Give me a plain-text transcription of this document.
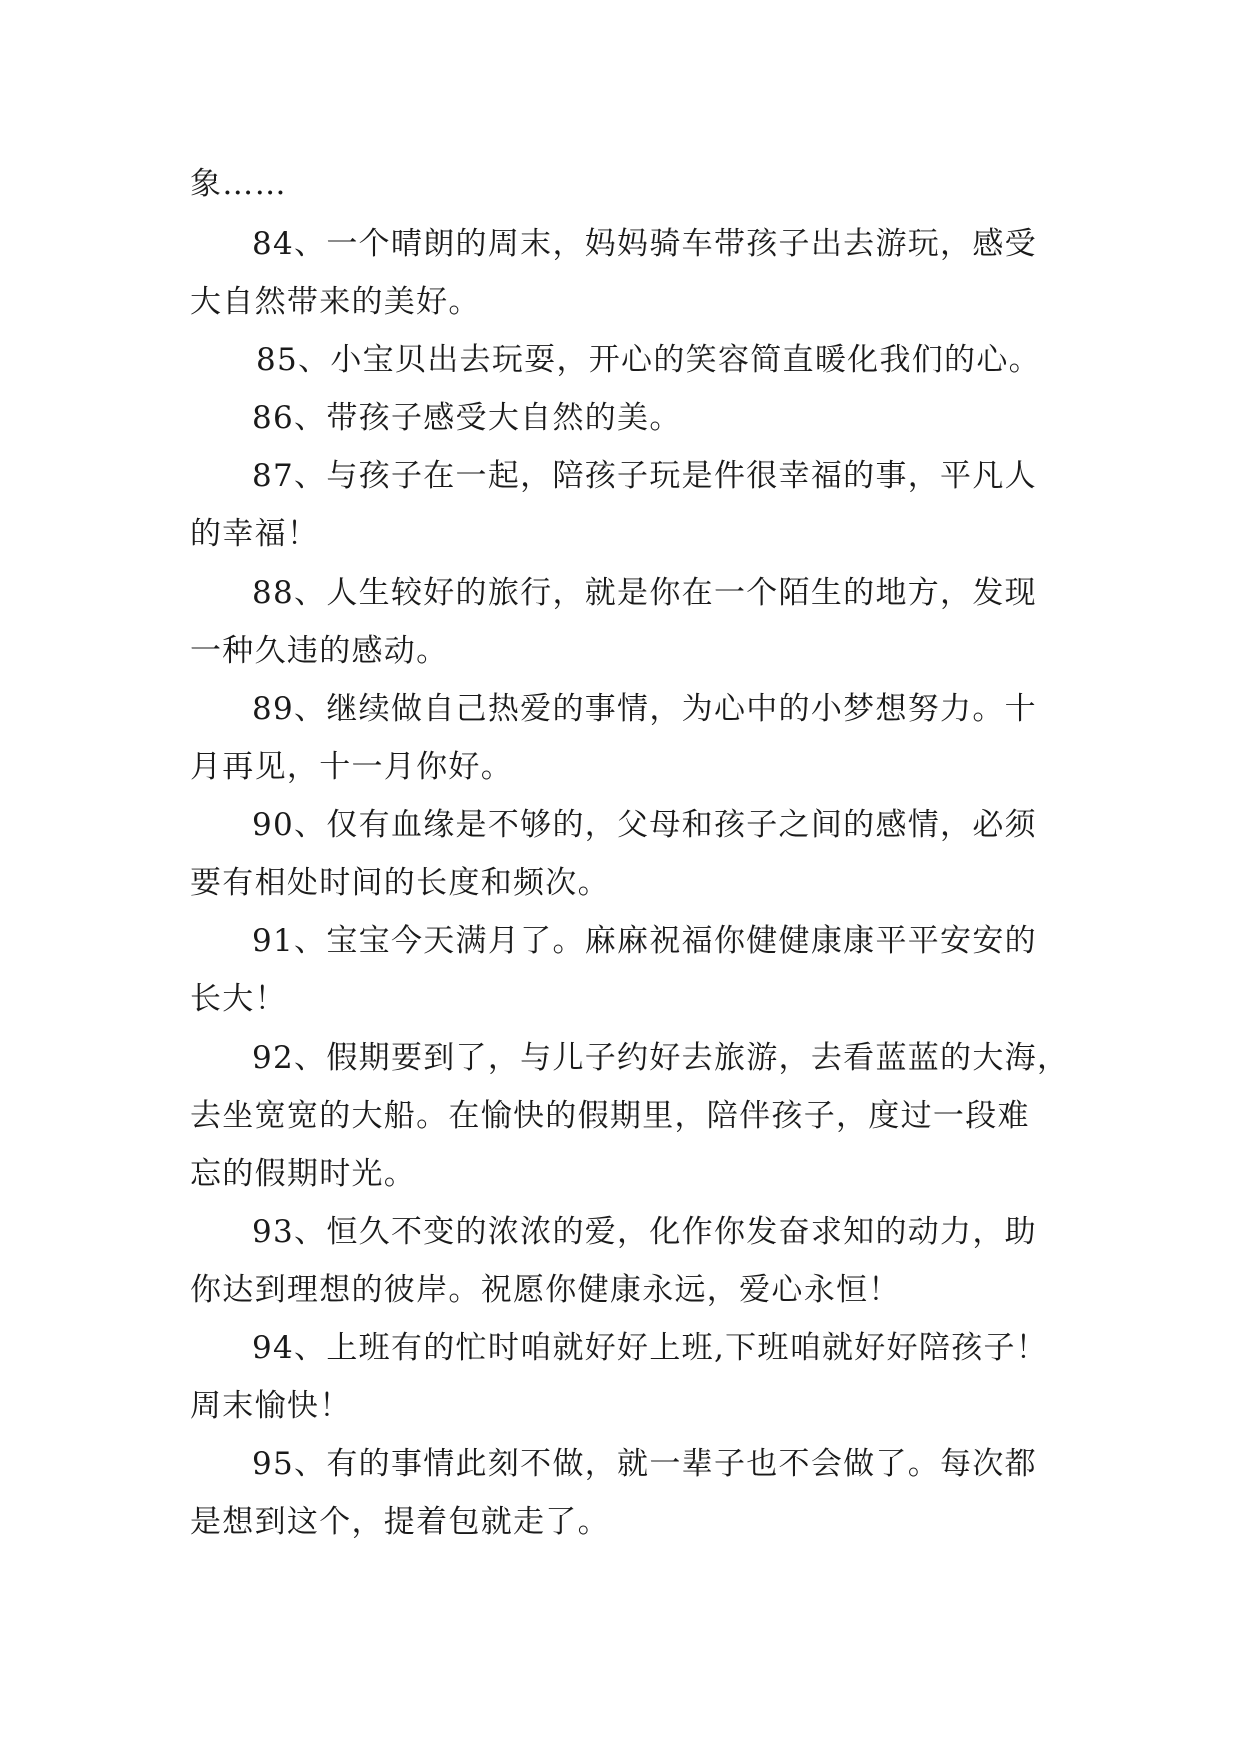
象……
84、一个晴朗的周末，妈妈骑车带孩子出去游玩，感受
大自然带来的美好。
85、小宝贝出去玩耍，开心的笑容简直暖化我们的心。
86、带孩子感受大自然的美。
87、与孩子在一起，陪孩子玩是件很幸福的事，平凡人
的幸福！
88、人生较好的旅行，就是你在一个陌生的地方，发现
一种久违的感动。
89、继续做自己热爱的事情，为心中的小梦想努力。十
月再见，十一月你好。
90、仅有血缘是不够的，父母和孩子之间的感情，必须
要有相处时间的长度和频次。
91、宝宝今天满月了。麻麻祝福你健健康康平平安安的
长大！
92、假期要到了，与儿子约好去旅游，去看蓝蓝的大海，
去坐宽宽的大船。在愉快的假期里，陪伴孩子，度过一段难
忘的假期时光。
93、恒久不变的浓浓的爱，化作你发奋求知的动力，助
你达到理想的彼岸。祝愿你健康永远，爱心永恒！
94、上班有的忙时咱就好好上班,下班咱就好好陪孩子！
周末愉快！
95、有的事情此刻不做，就一辈子也不会做了。每次都
是想到这个，提着包就走了。
